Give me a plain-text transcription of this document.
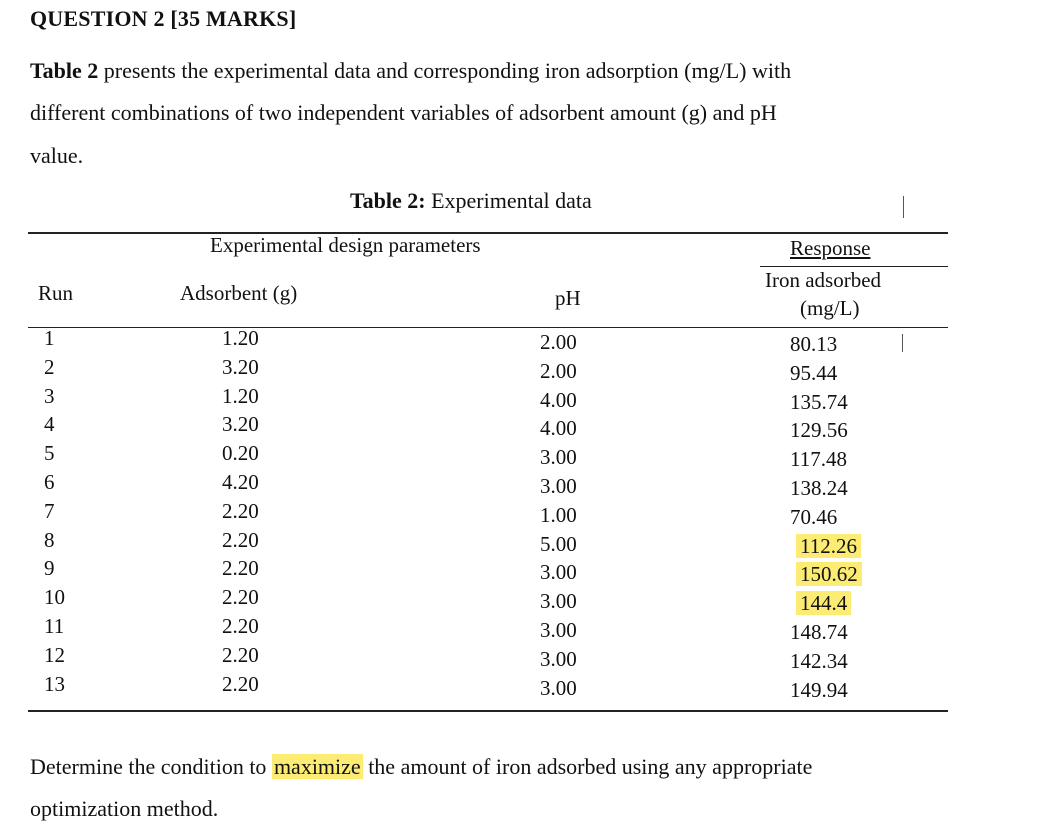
QUESTION 2 [35 MARKS]
Table 2 presents the experimental data and corresponding iron adsorption (mg/L) with
different combinations of two independent variables of adsorbent amount (g) and pH
value.
Table 2: Experimental data
Experimental design parameters	Response
Run	Adsorbent (g)	pH
Iron adsorbed
(mg/L)
1	1.20	2.00	80.13
2	3.20	2.00	95.44
3	1.20	4.00	135.74
4	3.20	4.00	129.56
5	0.20	3.00	117.48
6	4.20	3.00	138.24
7	2.20	1.00	70.46
8	2.20	5.00	112.26
9	2.20	3.00	150.62
10	2.20	3.00	144.4
11	2.20	3.00	148.74
12	2.20	3.00	142.34
13	2.20	3.00	149.94
Determine the condition to maximize the amount of iron adsorbed using any appropriate
optimization method.
